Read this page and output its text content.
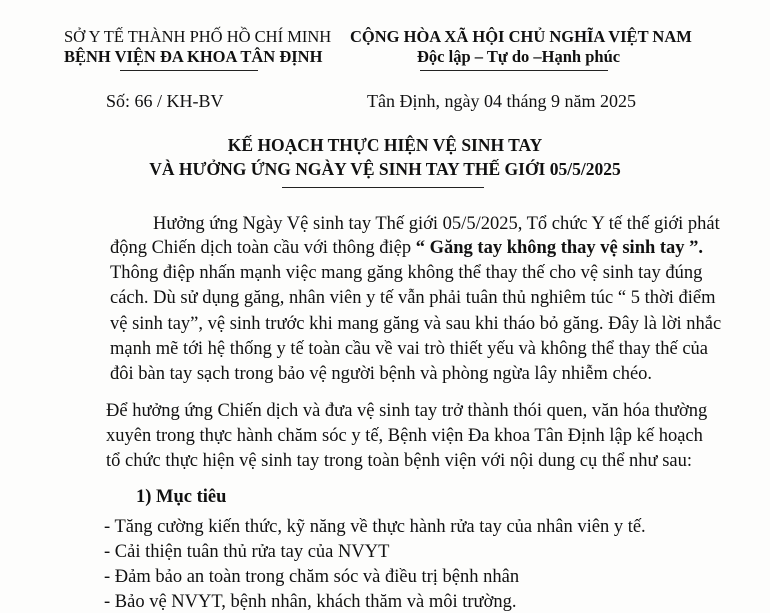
SỞ Y TẾ THÀNH PHỐ HỒ CHÍ MINH
BỆNH VIỆN ĐA KHOA TÂN ĐỊNH
CỘNG HÒA XÃ HỘI CHỦ NGHĨA VIỆT NAM
Độc lập – Tự do –Hạnh phúc
Số: 66 / KH-BV	Tân Định, ngày 04 tháng 9 năm 2025
KẾ HOẠCH THỰC HIỆN VỆ SINH TAY
VÀ HƯỞNG ỨNG NGÀY VỆ SINH TAY THẾ GIỚI 05/5/2025
Hưởng ứng Ngày Vệ sinh tay Thế giới 05/5/2025, Tổ chức Y tế thế giới phát
động Chiến dịch toàn cầu với thông điệp “ Găng tay không thay vệ sinh tay ”.
Thông điệp nhấn mạnh việc mang găng không thể thay thế cho vệ sinh tay đúng
cách. Dù sử dụng găng, nhân viên y tế vẫn phải tuân thủ nghiêm túc “ 5 thời điểm
vệ sinh tay”, vệ sinh trước khi mang găng và sau khi tháo bỏ găng. Đây là lời nhắc
mạnh mẽ tới hệ thống y tế toàn cầu về vai trò thiết yếu và không thể thay thế của
đôi bàn tay sạch trong bảo vệ người bệnh và phòng ngừa lây nhiễm chéo.
Để hưởng ứng Chiến dịch và đưa vệ sinh tay trở thành thói quen, văn hóa thường
xuyên trong thực hành chăm sóc y tế, Bệnh viện Đa khoa Tân Định lập kế hoạch
tổ chức thực hiện vệ sinh tay trong toàn bệnh viện với nội dung cụ thể như sau:
1) Mục tiêu
- Tăng cường kiến thức, kỹ năng về thực hành rửa tay của nhân viên y tế.
- Cải thiện tuân thủ rửa tay của NVYT
- Đảm bảo an toàn trong chăm sóc và điều trị bệnh nhân
- Bảo vệ NVYT, bệnh nhân, khách thăm và môi trường.
